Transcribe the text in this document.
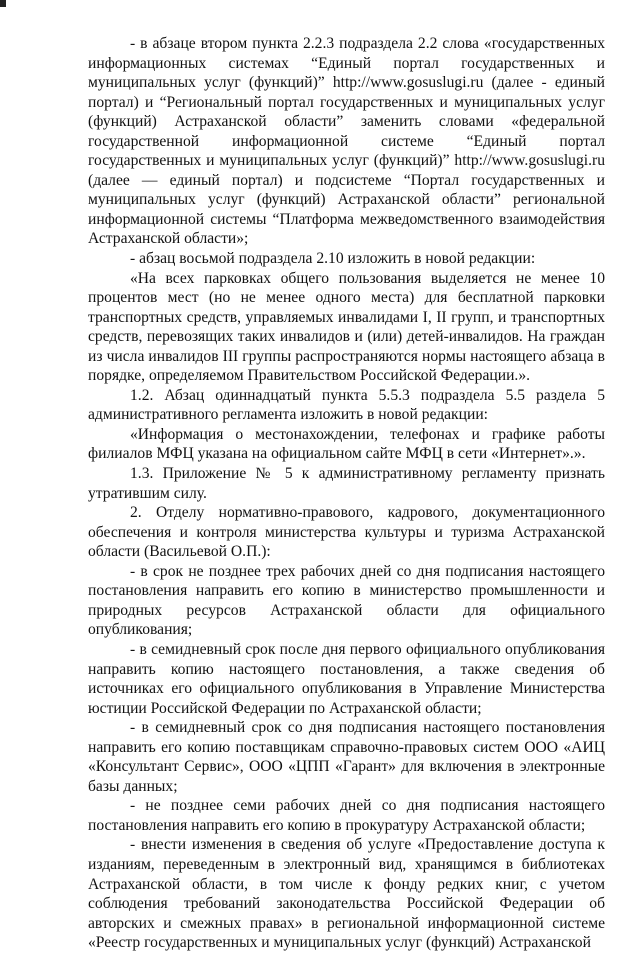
- в абзаце втором пункта 2.2.3 подраздела 2.2 слова «государственных информационных системах “Единый портал государственных и муниципальных услуг (функций)” http://www.gosuslugi.ru (далее - единый портал) и “Региональный портал государственных и муниципальных услуг (функций) Астраханской области” заменить словами «федеральной государственной информационной системе “Единый портал государственных и муниципальных услуг (функций)” http://www.gosuslugi.ru (далее — единый портал) и подсистеме “Портал государственных и муниципальных услуг (функций) Астраханской области” региональной информационной системы “Платформа межведомственного взаимодействия Астраханской области»;

- абзац восьмой подраздела 2.10 изложить в новой редакции:

«На всех парковках общего пользования выделяется не менее 10 процентов мест (но не менее одного места) для бесплатной парковки транспортных средств, управляемых инвалидами I, II групп, и транспортных средств, перевозящих таких инвалидов и (или) детей-инвалидов. На граждан из числа инвалидов III группы распространяются нормы настоящего абзаца в порядке, определяемом Правительством Российской Федерации.».

1.2. Абзац одиннадцатый пункта 5.5.3 подраздела 5.5 раздела 5 административного регламента изложить в новой редакции:

«Информация о местонахождении, телефонах и графике работы филиалов МФЦ указана на официальном сайте МФЦ в сети «Интернет».».

1.3. Приложение № 5 к административному регламенту признать утратившим силу.

2. Отделу нормативно-правового, кадрового, документационного обеспечения и контроля министерства культуры и туризма Астраханской области (Васильевой О.П.):

- в срок не позднее трех рабочих дней со дня подписания настоящего постановления направить его копию в министерство промышленности и природных ресурсов Астраханской области для официального опубликования;

- в семидневный срок после дня первого официального опубликования направить копию настоящего постановления, а также сведения об источниках его официального опубликования в Управление Министерства юстиции Российской Федерации по Астраханской области;

- в семидневный срок со дня подписания настоящего постановления направить его копию поставщикам справочно-правовых систем ООО «АИЦ «Консультант Сервис», ООО «ЦПП «Гарант» для включения в электронные базы данных;

- не позднее семи рабочих дней со дня подписания настоящего постановления направить его копию в прокуратуру Астраханской области;

- внести изменения в сведения об услуге «Предоставление доступа к изданиям, переведенным в электронный вид, хранящимся в библиотеках Астраханской области, в том числе к фонду редких книг, с учетом соблюдения требований законодательства Российской Федерации об авторских и смежных правах» в региональной информационной системе «Реестр государственных и муниципальных услуг (функций) Астраханской
